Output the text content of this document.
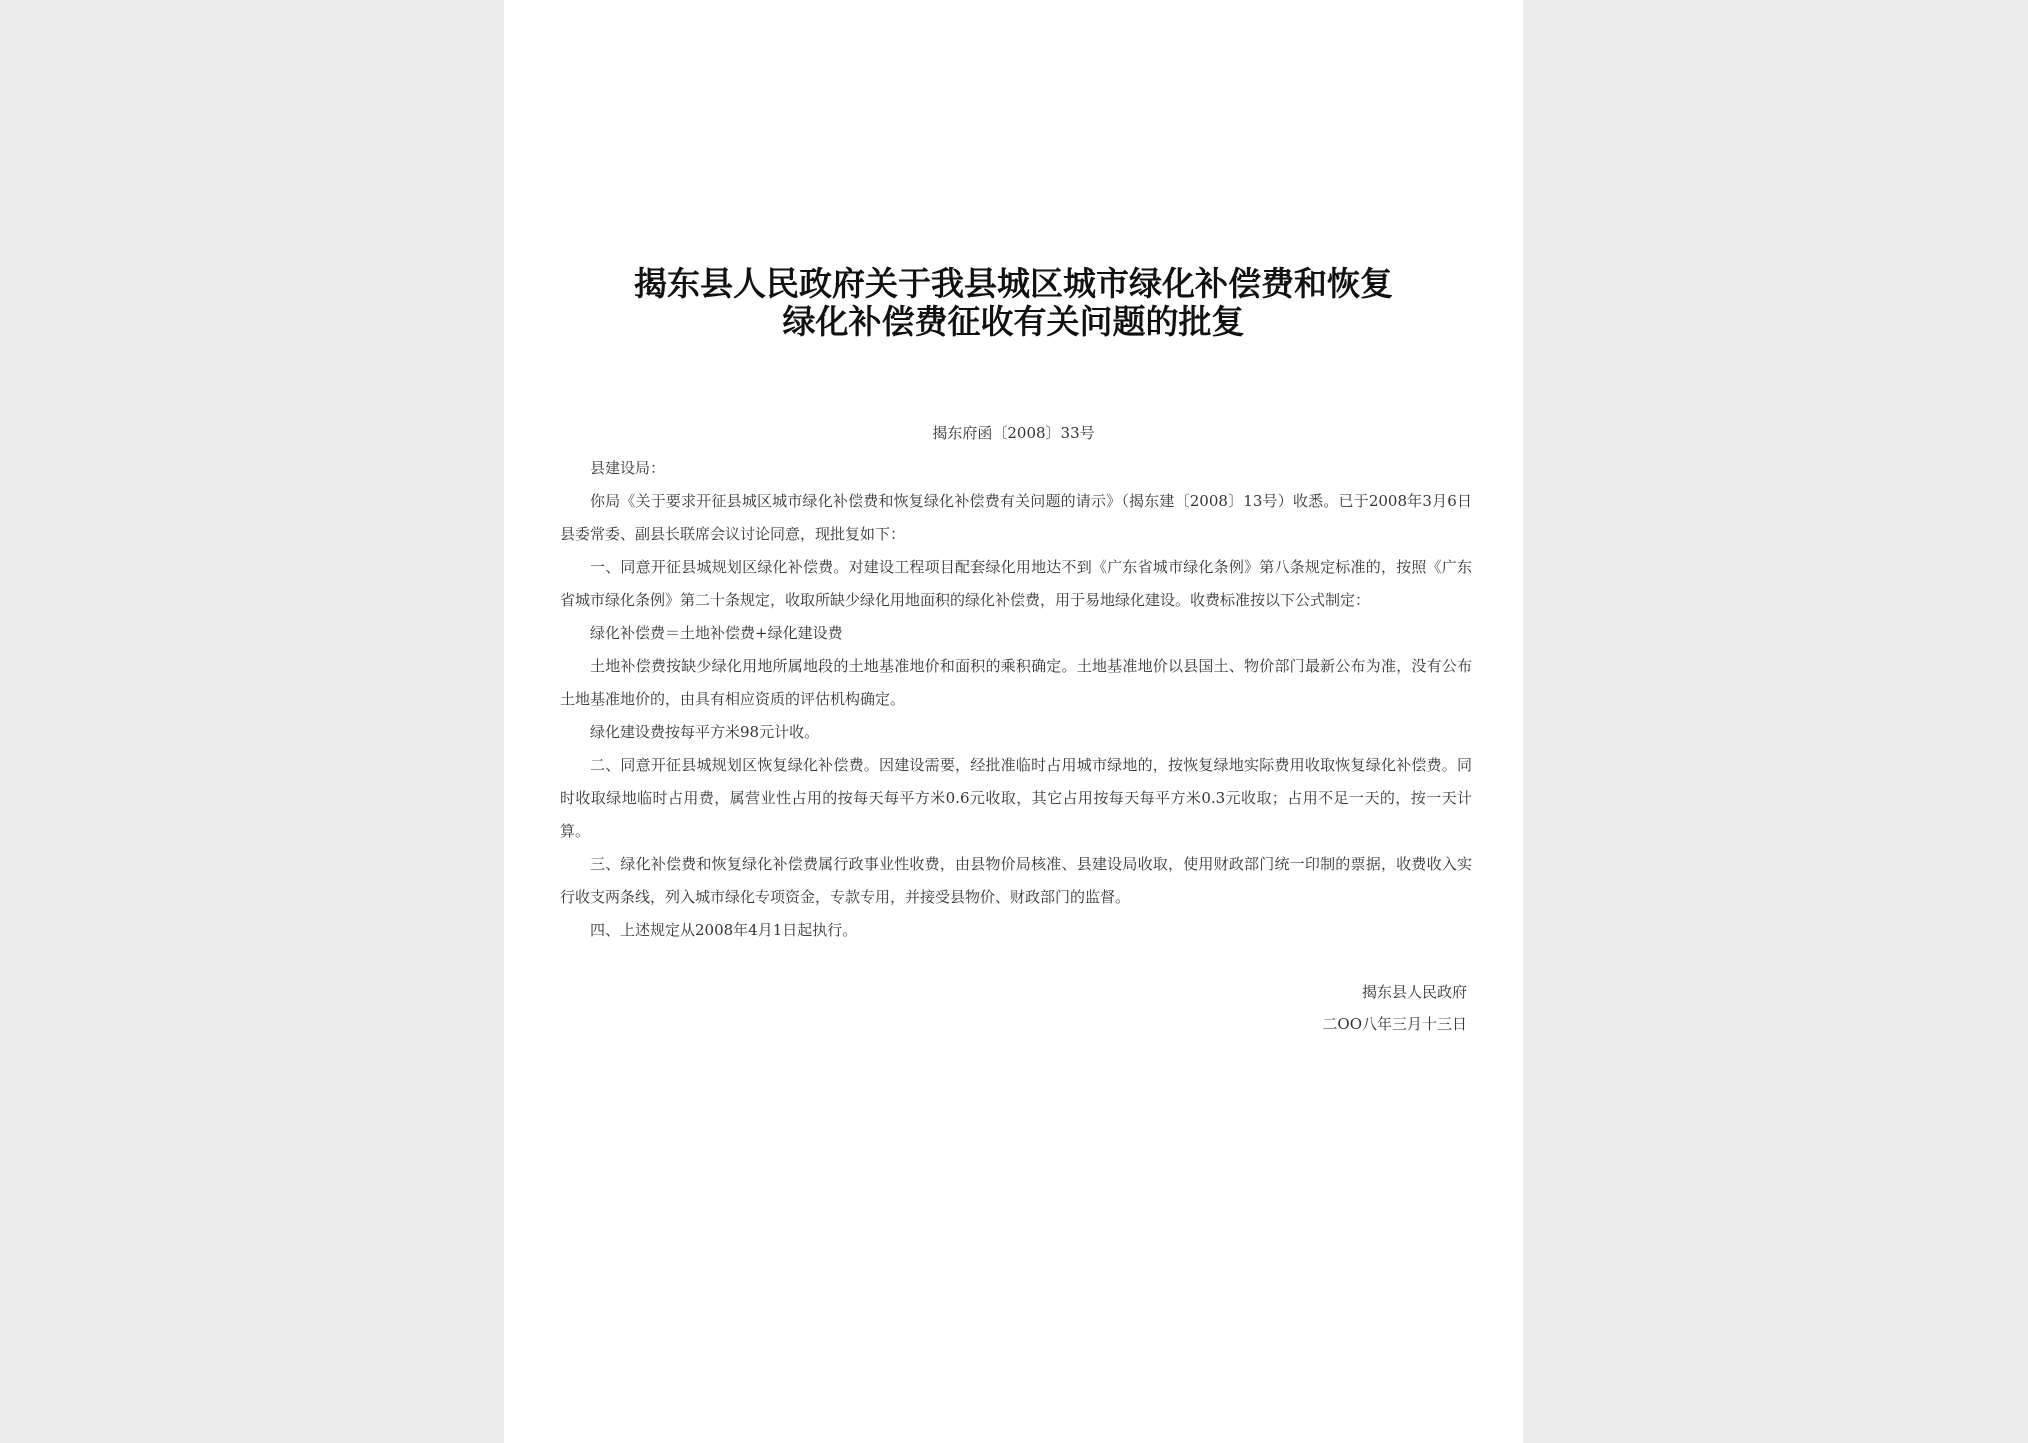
揭东县人民政府关于我县城区城市绿化补偿费和恢复
绿化补偿费征收有关问题的批复
揭东府函〔2008〕33号

县建设局：

你局《关于要求开征县城区城市绿化补偿费和恢复绿化补偿费有关问题的请示》（揭东建〔2008〕13号）收悉。已于2008年3月6日县委常委、副县长联席会议讨论同意，现批复如下：

一、同意开征县城规划区绿化补偿费。对建设工程项目配套绿化用地达不到《广东省城市绿化条例》第八条规定标准的，按照《广东省城市绿化条例》第二十条规定，收取所缺少绿化用地面积的绿化补偿费，用于易地绿化建设。收费标准按以下公式制定：

绿化补偿费＝土地补偿费+绿化建设费

土地补偿费按缺少绿化用地所属地段的土地基准地价和面积的乘积确定。土地基准地价以县国土、物价部门最新公布为准，没有公布土地基准地价的，由具有相应资质的评估机构确定。

绿化建设费按每平方米98元计收。

二、同意开征县城规划区恢复绿化补偿费。因建设需要，经批准临时占用城市绿地的，按恢复绿地实际费用收取恢复绿化补偿费。同时收取绿地临时占用费，属营业性占用的按每天每平方米0.6元收取，其它占用按每天每平方米0.3元收取；占用不足一天的，按一天计算。

三、绿化补偿费和恢复绿化补偿费属行政事业性收费，由县物价局核准、县建设局收取，使用财政部门统一印制的票据，收费收入实行收支两条线，列入城市绿化专项资金，专款专用，并接受县物价、财政部门的监督。

四、上述规定从2008年4月1日起执行。

揭东县人民政府
二OO八年三月十三日
